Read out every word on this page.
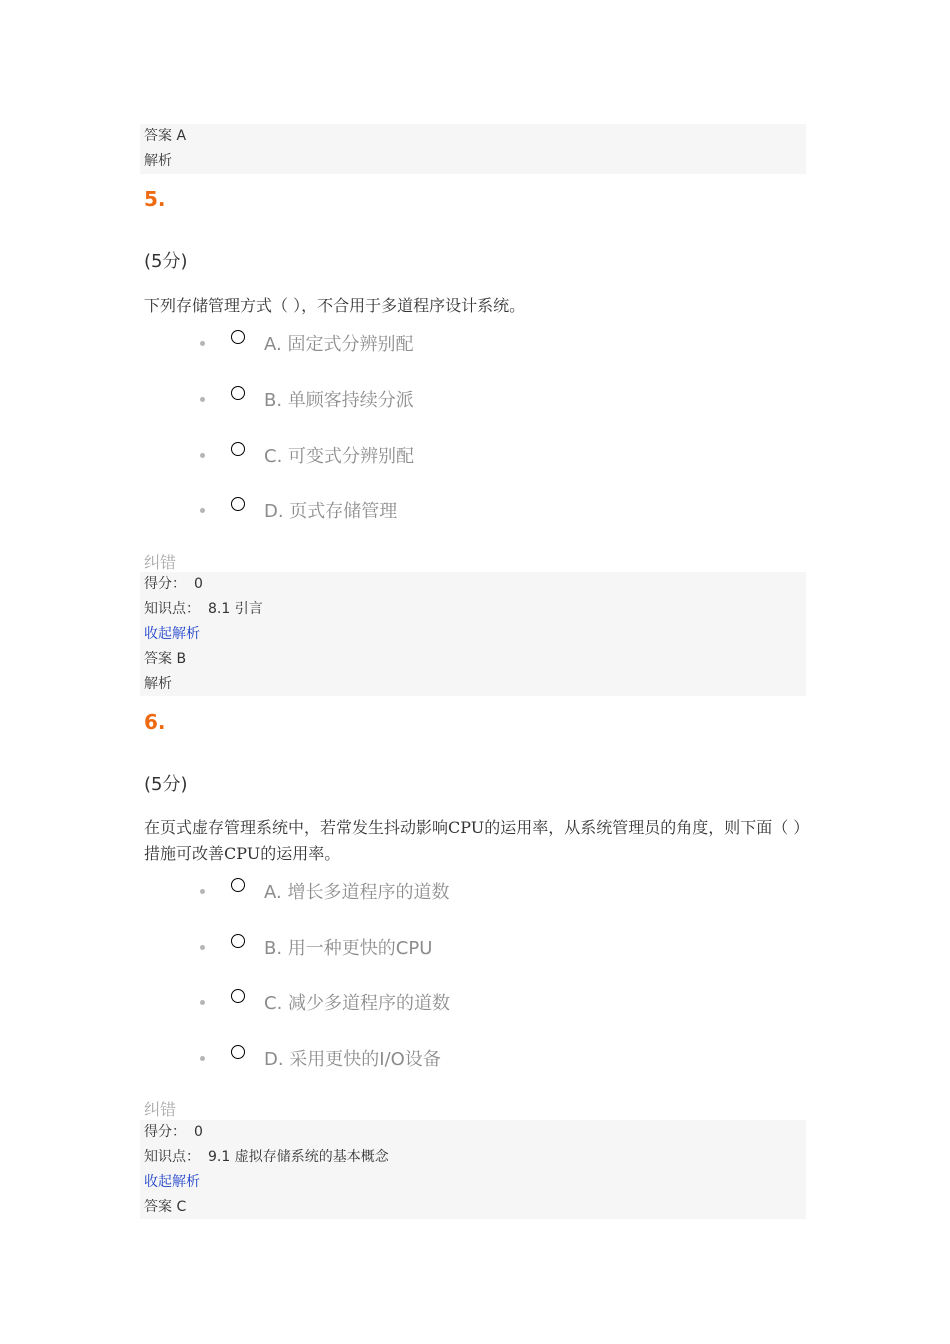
答案 A
解析
5.
(5分)
下列存储管理方式（ ），不合用于多道程序设计系统。
A. 固定式分辨别配
B. 单顾客持续分派
C. 可变式分辨别配
D. 页式存储管理
纠错
得分： 0
知识点： 8.1 引言
收起解析
答案 B
解析
6.
(5分)
在页式虚存管理系统中，若常发生抖动影响CPU的运用率，从系统管理员的角度，则下面（ ）措施可改善CPU的运用率。
A. 增长多道程序的道数
B. 用一种更快的CPU
C. 减少多道程序的道数
D. 采用更快的I/O设备
纠错
得分： 0
知识点： 9.1 虚拟存储系统的基本概念
收起解析
答案 C
